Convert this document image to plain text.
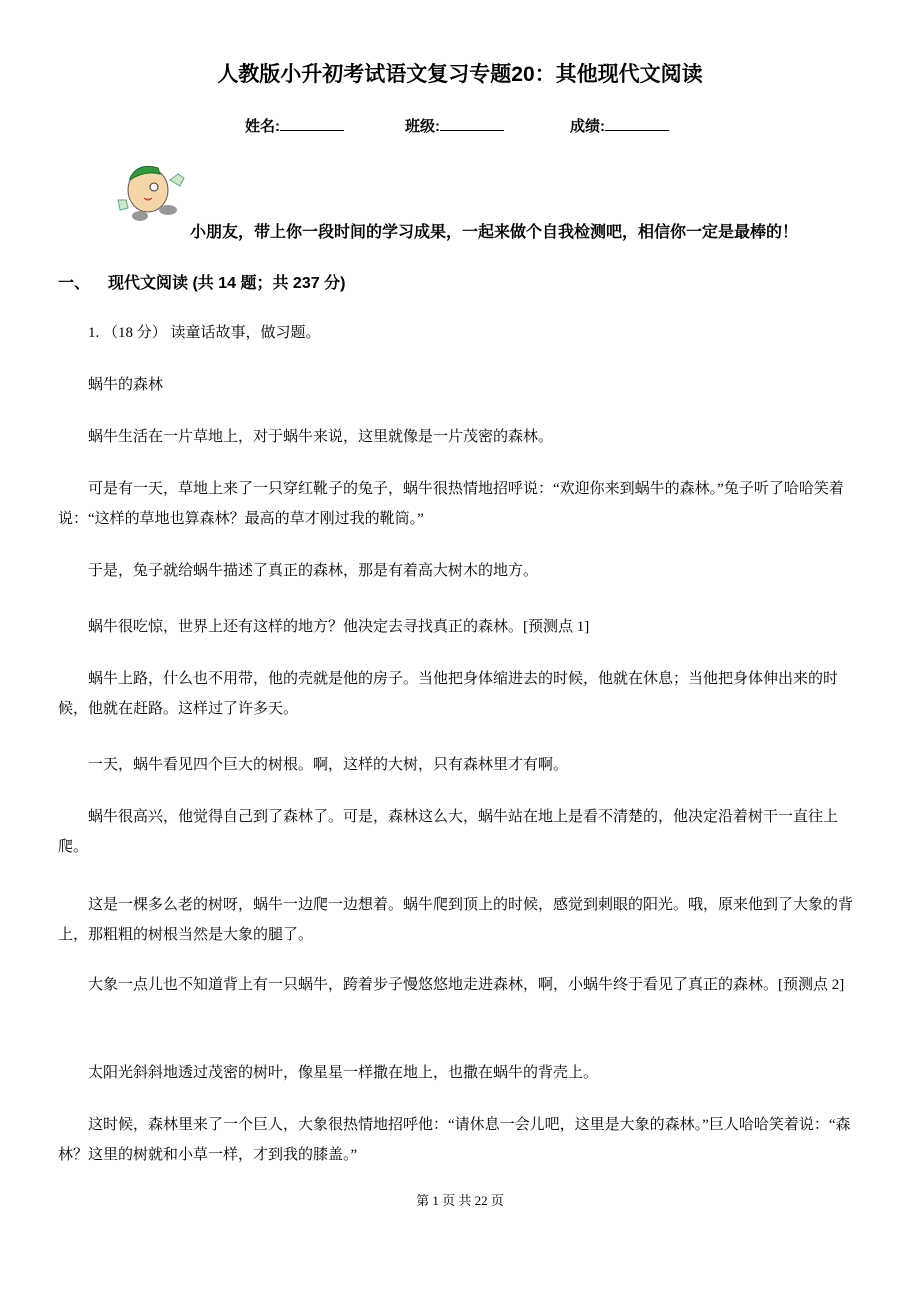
人教版小升初考试语文复习专题20：其他现代文阅读
姓名:	班级:	成绩:
小朋友，带上你一段时间的学习成果，一起来做个自我检测吧，相信你一定是最棒的！
一、 现代文阅读 (共 14 题；共 237 分)
1. （18 分） 读童话故事，做习题。
蜗牛的森林
蜗牛生活在一片草地上，对于蜗牛来说，这里就像是一片茂密的森林。
可是有一天，草地上来了一只穿红靴子的兔子，蜗牛很热情地招呼说：“欢迎你来到蜗牛的森林。”兔子听了哈哈笑着说：“这样的草地也算森林？最高的草才刚过我的靴筒。”
于是，兔子就给蜗牛描述了真正的森林，那是有着高大树木的地方。
蜗牛很吃惊，世界上还有这样的地方？他决定去寻找真正的森林。[预测点 1]
蜗牛上路，什么也不用带，他的壳就是他的房子。当他把身体缩进去的时候，他就在休息；当他把身体伸出来的时候，他就在赶路。这样过了许多天。
一天，蜗牛看见四个巨大的树根。啊，这样的大树，只有森林里才有啊。
蜗牛很高兴，他觉得自己到了森林了。可是，森林这么大，蜗牛站在地上是看不清楚的，他决定沿着树干一直往上爬。
这是一棵多么老的树呀，蜗牛一边爬一边想着。蜗牛爬到顶上的时候，感觉到刺眼的阳光。哦，原来他到了大象的背上，那粗粗的树根当然是大象的腿了。
大象一点儿也不知道背上有一只蜗牛，跨着步子慢悠悠地走进森林，啊，小蜗牛终于看见了真正的森林。[预测点 2]
太阳光斜斜地透过茂密的树叶，像星星一样撒在地上，也撒在蜗牛的背壳上。
这时候，森林里来了一个巨人，大象很热情地招呼他：“请休息一会儿吧，这里是大象的森林。”巨人哈哈笑着说：“森林？这里的树就和小草一样，才到我的膝盖。”
第 1 页 共 22 页
